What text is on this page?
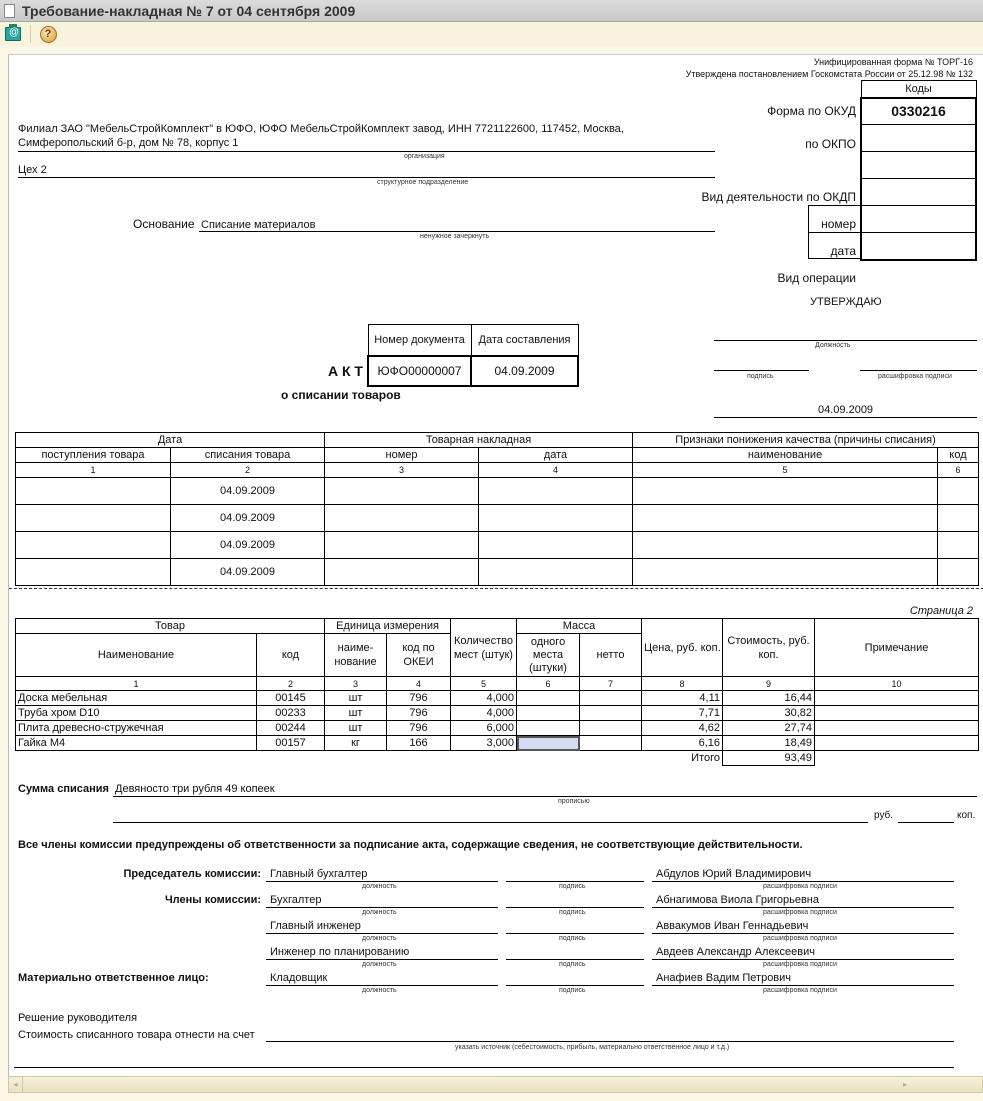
Требование-накладная № 7 от 04 сентября 2009
@
?
Унифицированная форма № ТОРГ-16
Утверждена постановлением Госкомстата России от 25.12.98 № 132
Коды
0330216

Форма по ОКУД
по ОКПО
Вид деятельности по ОКДП
номер
дата
Вид операции
Филиал ЗАО "МебельСтройКомплект" в ЮФО, ЮФО МебельСтройКомплект завод, ИНН 7721122600, 117452, Москва,
Симферопольский б-р, дом № 78, корпус 1
организация
Цех 2
структурное подразделение
Основание Списание материалов
ненужное зачеркнуть
УТВЕРЖДАЮ
Должность
подпись	расшифровка подписи
04.09.2009
А К Т
Номер документа	Дата составления
ЮФО00000007	04.09.2009
о списании товаров
Дата		Товарная накладная		Признаки понижения качества (причины списания)	
поступления товара	списания товара	номер	дата	наименование	код
1	2	3	4	5	6
	04.09.2009				
	04.09.2009				
	04.09.2009				
	04.09.2009				
Страница 2
Товар		Единица измерения		Количество мест (штук)	Масса		Цена, руб. коп.	Стоимость, руб. коп.	Примечание
Наименование	код	наиме- нование	код по ОКЕИ		одного места (штуки)	нетто			
1	2	3	4	5	6	7	8	9	10
Доска мебельная	00145	шт	796	4,000			4,11	16,44	
Труба хром D10	00233	шт	796	4,000			7,71	30,82	
Плита древесно-стружечная	00244	шт	796	6,000			4,62	27,74	
Гайка М4	00157	кг	166	3,000			6,16	18,49	
							Итого	93,49	
Сумма списания Девяносто три рубля 49 копеек
прописью
руб.	коп.
Все члены комиссии предупреждены об ответственности за подписание акта, содержащие сведения, не соответствующие действительности.
Председатель комиссии:
Члены комиссии:
Материально ответственное лицо:
Главный бухгалтер
должность	подпись
Абдулов Юрий Владимирович
расшифровка подписи
Бухгалтер
должность	подпись
Абнагимова Виола Григорьевна
расшифровка подписи
Главный инженер
должность	подпись
Аввакумов Иван Геннадьевич
расшифровка подписи
Инженер по планированию
должность	подпись
Авдеев Александр Алексеевич
расшифровка подписи
Кладовщик
должность	подпись
Анафиев Вадим Петрович
расшифровка подписи
Решение руководителя
Стоимость списанного товара отнести на счет
указать источник (себестоимость, прибыль, материально ответственное лицо и т.д.)
◂	▸
